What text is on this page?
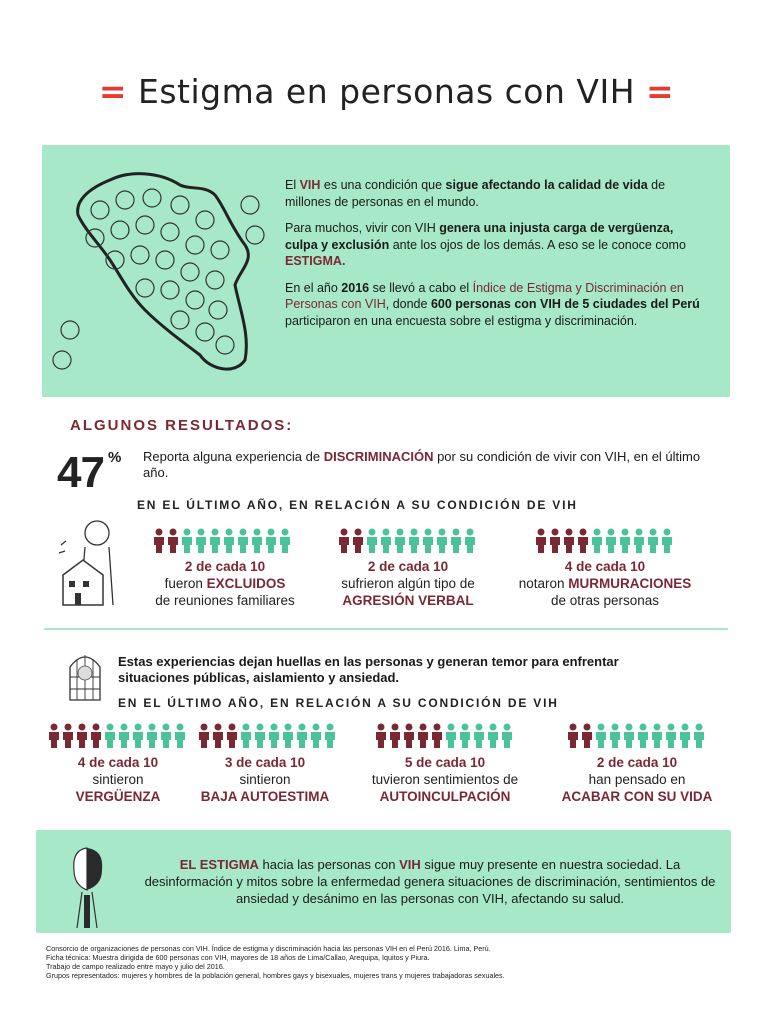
= Estigma en personas con VIH =

El VIH es una condición que sigue afectando la calidad de vida de millones de personas en el mundo.

Para muchos, vivir con VIH genera una injusta carga de vergüenza, culpa y exclusión ante los ojos de los demás. A eso se le conoce como ESTIGMA.

En el año 2016 se llevó a cabo el Índice de Estigma y Discriminación en Personas con VIH, donde 600 personas con VIH de 5 ciudades del Perú participaron en una encuesta sobre el estigma y discriminación.

ALGUNOS RESULTADOS:
47 % Reporta alguna experiencia de DISCRIMINACIÓN por su condición de vivir con VIH, en el último año.
EN EL ÚLTIMO AÑO, EN RELACIÓN A SU CONDICIÓN DE VIH
2 de cada 10
fueron EXCLUIDOS
de reuniones familiares
2 de cada 10
sufrieron algún tipo de
AGRESIÓN VERBAL
4 de cada 10
notaron MURMURACIONES
de otras personas
Estas experiencias dejan huellas en las personas y generan temor para enfrentar situaciones públicas, aislamiento y ansiedad.
EN EL ÚLTIMO AÑO, EN RELACIÓN A SU CONDICIÓN DE VIH
4 de cada 10
sintieron
VERGÜENZA
3 de cada 10
sintieron
BAJA AUTOESTIMA
5 de cada 10
tuvieron sentimientos de
AUTOINCULPACIÓN
2 de cada 10
han pensado en
ACABAR CON SU VIDA
EL ESTIGMA hacia las personas con VIH sigue muy presente en nuestra sociedad. La desinformación y mitos sobre la enfermedad genera situaciones de discriminación, sentimientos de ansiedad y desánimo en las personas con VIH, afectando su salud.
Consorcio de organizaciones de personas con VIH. Índice de estigma y discriminación hacia las personas VIH en el Perú 2016. Lima, Perú.
Ficha técnica: Muestra dirigida de 600 personas con VIH, mayores de 18 años de Lima/Callao, Arequipa, Iquitos y Piura.
Trabajo de campo realizado entre mayo y julio del 2016.
Grupos representados: mujeres y hombres de la población general, hombres gays y bisexuales, mujeres trans y mujeres trabajadoras sexuales.
